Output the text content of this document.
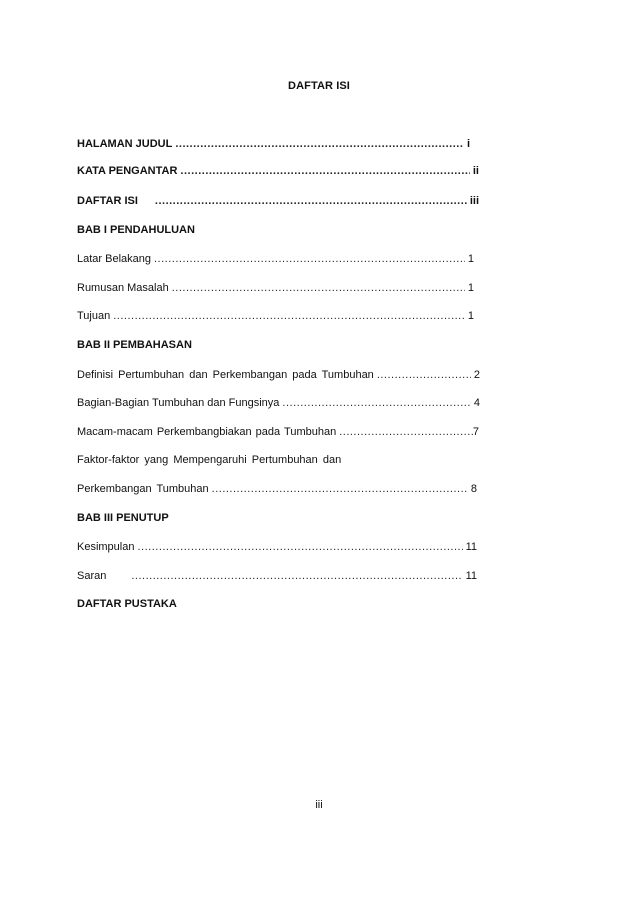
DAFTAR ISI
HALAMAN JUDUL .....	i
KATA PENGANTAR .....	ii
DAFTAR ISI .....	iii
BAB I PENDAHULUAN
Latar Belakang .....	1
Rumusan Masalah .....	1
Tujuan .....	1
BAB II PEMBAHASAN
Definisi Pertumbuhan dan Perkembangan pada Tumbuhan .....	2
Bagian-Bagian Tumbuhan dan Fungsinya .....	4
Macam-macam Perkembangbiakan pada Tumbuhan .....	7
Faktor-faktor yang Mempengaruhi Pertumbuhan dan
Perkembangan Tumbuhan .....	8
BAB III PENUTUP
Kesimpulan .....	11
Saran .....	11
DAFTAR PUSTAKA
iii
